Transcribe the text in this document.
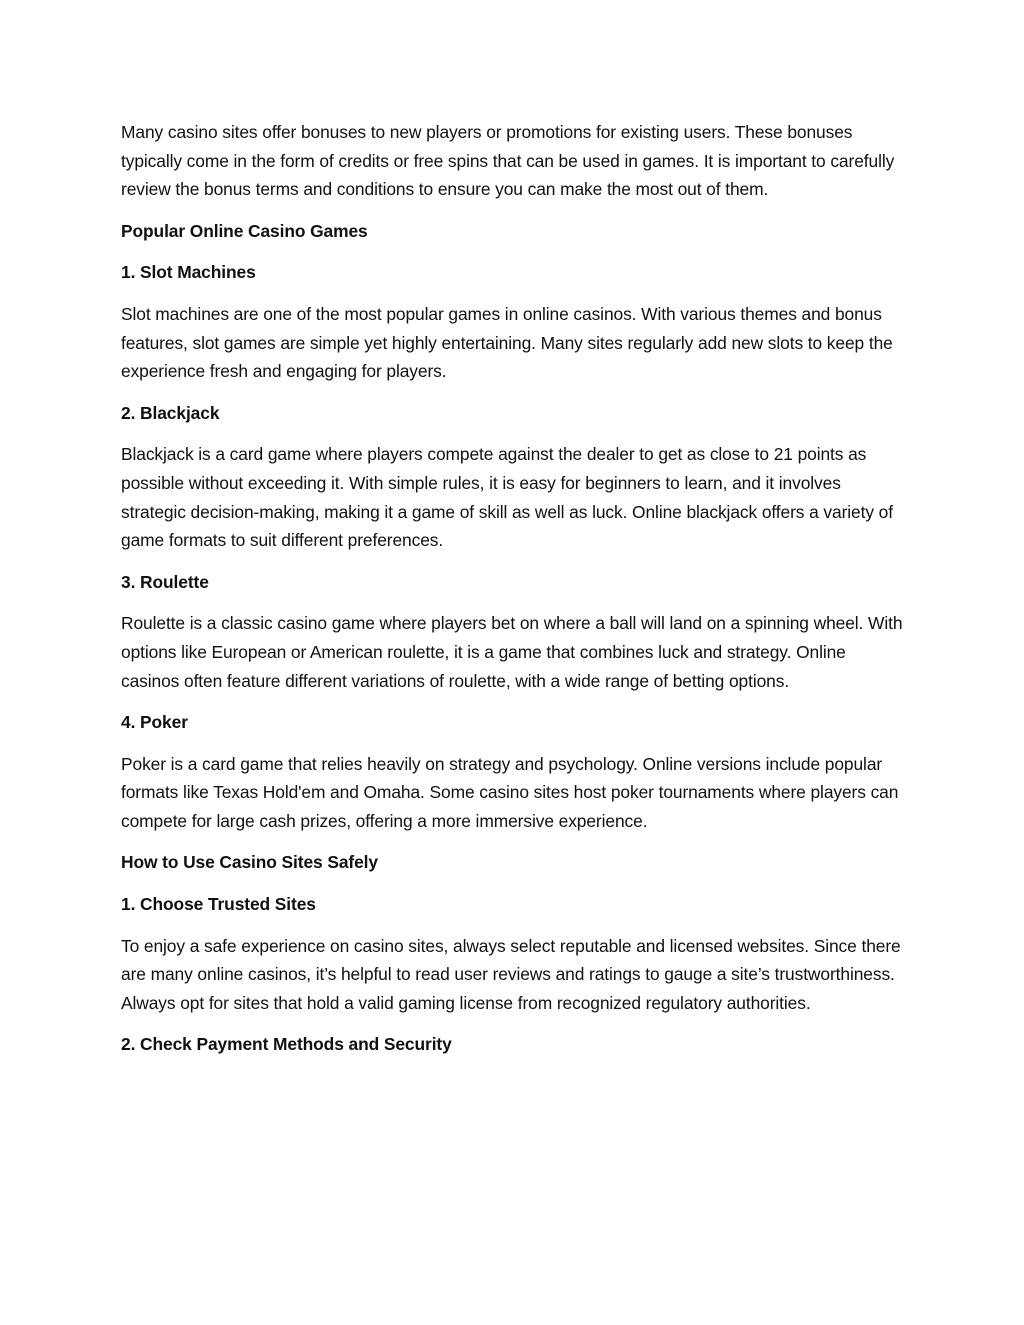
Many casino sites offer bonuses to new players or promotions for existing users. These bonuses typically come in the form of credits or free spins that can be used in games. It is important to carefully review the bonus terms and conditions to ensure you can make the most out of them.

Popular Online Casino Games

1. Slot Machines

Slot machines are one of the most popular games in online casinos. With various themes and bonus features, slot games are simple yet highly entertaining. Many sites regularly add new slots to keep the experience fresh and engaging for players.

2. Blackjack

Blackjack is a card game where players compete against the dealer to get as close to 21 points as possible without exceeding it. With simple rules, it is easy for beginners to learn, and it involves strategic decision-making, making it a game of skill as well as luck. Online blackjack offers a variety of game formats to suit different preferences.

3. Roulette

Roulette is a classic casino game where players bet on where a ball will land on a spinning wheel. With options like European or American roulette, it is a game that combines luck and strategy. Online casinos often feature different variations of roulette, with a wide range of betting options.

4. Poker

Poker is a card game that relies heavily on strategy and psychology. Online versions include popular formats like Texas Hold'em and Omaha. Some casino sites host poker tournaments where players can compete for large cash prizes, offering a more immersive experience.

How to Use Casino Sites Safely

1. Choose Trusted Sites

To enjoy a safe experience on casino sites, always select reputable and licensed websites. Since there are many online casinos, it’s helpful to read user reviews and ratings to gauge a site’s trustworthiness. Always opt for sites that hold a valid gaming license from recognized regulatory authorities.

2. Check Payment Methods and Security
